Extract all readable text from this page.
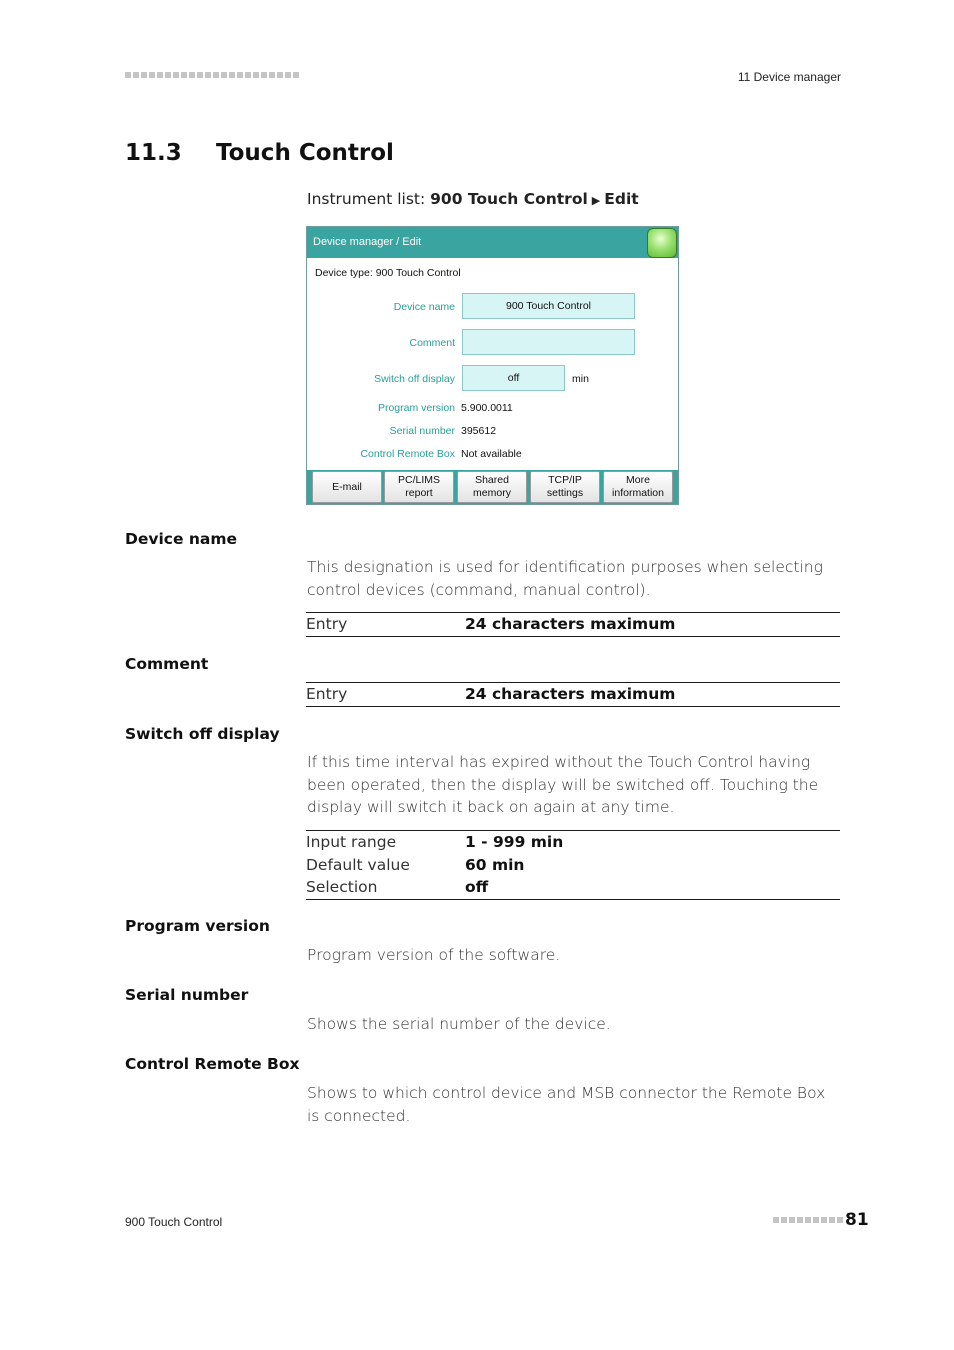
11 Device manager
11.3 Touch Control
Instrument list: 900 Touch Control ▶ Edit
Device manager / Edit
Device type: 900 Touch Control
Device name	900 Touch Control
Comment
Switch off display	off	min
Program version 5.900.0011
Serial number 395612
Control Remote Box Not available
E-mail
PC/LIMS
report
Shared
memory
TCP/IP
settings
More
information
Device name
This designation is used for identification purposes when selecting control devices (command, manual control).
Entry	24 characters maximum
Comment
Entry	24 characters maximum
Switch off display
If this time interval has expired without the Touch Control having been operated, then the display will be switched off. Touching the display will switch it back on again at any time.
Input range	1 - 999 min
Default value	60 min
Selection	off
Program version
Program version of the software.
Serial number
Shows the serial number of the device.
Control Remote Box
Shows to which control device and MSB connector the Remote Box is connected.
900 Touch Control	81
